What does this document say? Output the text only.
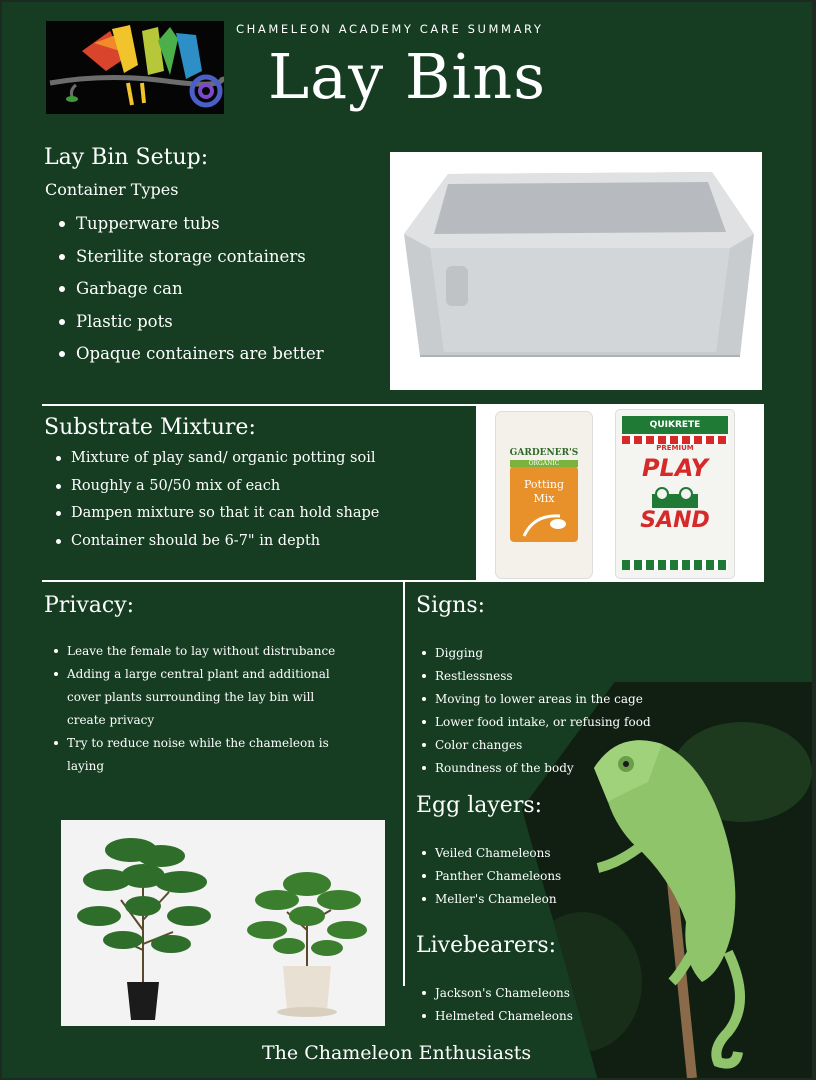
CHAMELEON ACADEMY CARE SUMMARY
Lay Bins
Lay Bin Setup:
Container Types
Tupperware tubs
Sterilite storage containers
Garbage can
Plastic pots
Opaque containers are better
Substrate Mixture:
Mixture of play sand/ organic potting soil
Roughly a 50/50 mix of each
Dampen mixture so that it can hold shape
Container should be 6-7" in depth
GARDENER'S
ORGANIC
Potting
Mix
QUIKRETE
PREMIUM
PLAY
SAND
Privacy:
Leave the female to lay without distrubance
Adding a large central plant and additional cover plants surrounding the lay bin will create privacy
Try to reduce noise while the chameleon is laying
Signs:
Digging
Restlessness
Moving to lower areas in the cage
Lower food intake, or refusing food
Color changes
Roundness of the body
Egg layers:
Veiled Chameleons
Panther Chameleons
Meller's Chameleon
Livebearers:
Jackson's Chameleons
Helmeted Chameleons
The Chameleon Enthusiasts
